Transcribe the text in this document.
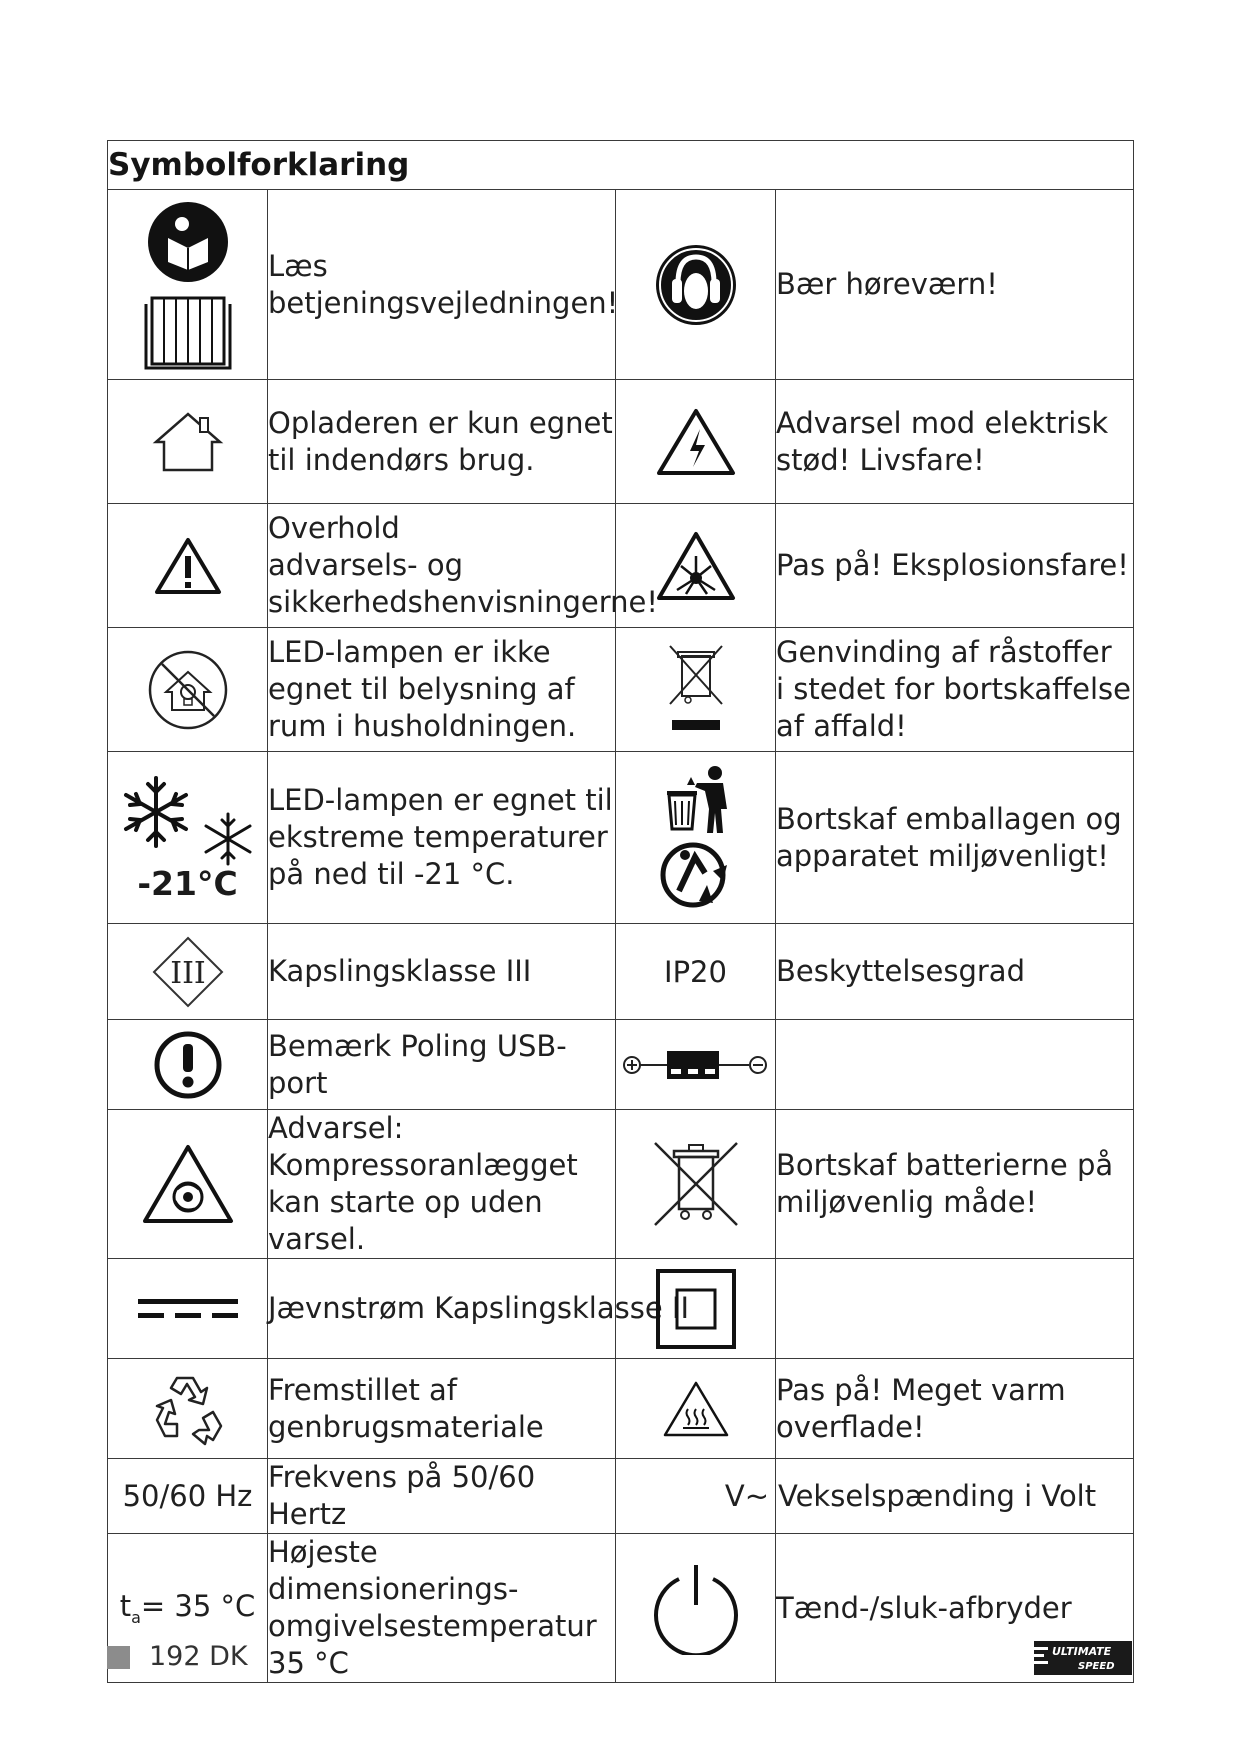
Symbolforklaring			

	Læs
betjeningsvejledningen!		Bær høreværn!

	Opladeren er kun egnet
til indendørs brug.		Advarsel mod elektrisk
stød! Livsfare!

	Overhold
advarsels- og
sikkerhedshenvisningerne!		Pas på! Eksplosionsfare!

	LED-lampen er ikke
egnet til belysning af
rum i husholdningen.		Genvinding af råstoffer
i stedet for bortskaffelse
af affald!

-21°C	LED-lampen er egnet til
ekstreme temperaturer
på ned til -21 °C.		Bortskaf emballagen og
apparatet miljøvenligt!

III	Kapslingsklasse III	IP20	Beskyttelsesgrad

	Bemærk Poling USB-port	

	Advarsel:
Kompressoranlægget
kan starte op uden varsel.		Bortskaf batterierne på
miljøvenlig måde!

	Jævnstrøm Kapslingsklasse II	

	Fremstillet af
genbrugsmateriale		Pas på! Meget varm
overflade!
50/60 Hz	Frekvens på 50/60 Hertz	V~	Vekselspænding i Volt
$t_a= 35$ °C	Højeste dimensionerings-
omgivelsestemperatur
35 °C		Tænd-/sluk-afbryder
192 DK	ULTIMATE
SPEED
